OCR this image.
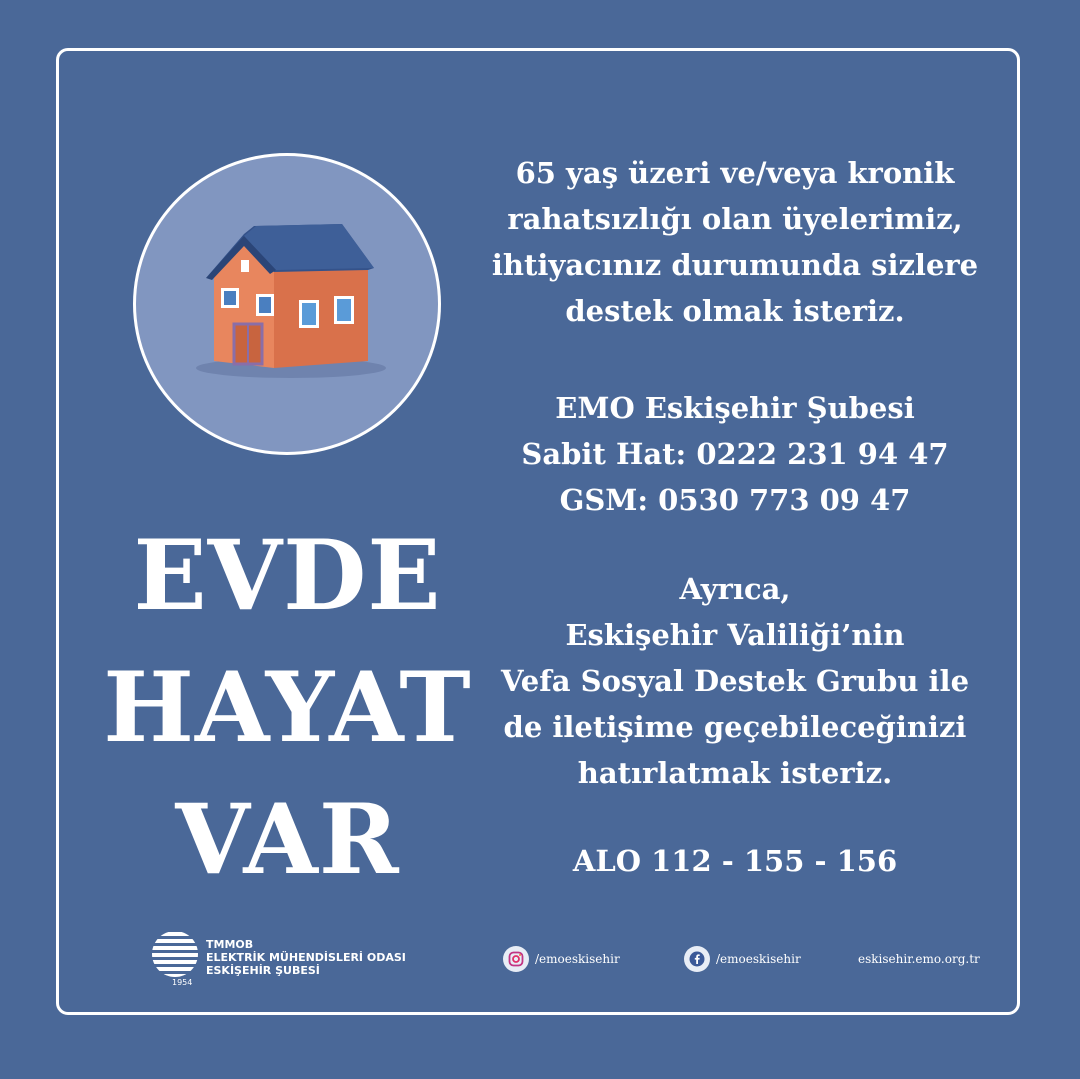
EVDE
HAYAT
VAR
65 yaş üzeri ve/veya kronik
rahatsızlığı olan üyelerimiz,
ihtiyacınız durumunda sizlere
destek olmak isteriz.
EMO Eskişehir Şubesi
Sabit Hat: 0222 231 94 47
GSM: 0530 773 09 47
Ayrıca,
Eskişehir Valiliği’nin
Vefa Sosyal Destek Grubu ile
de iletişime geçebileceğinizi
hatırlatmak isteriz.
ALO 112 - 155 - 156
1954
TMMOB
ELEKTRİK MÜHENDİSLERİ ODASI
ESKİŞEHİR ŞUBESİ
/emoeskisehir	/emoeskisehir	eskisehir.emo.org.tr
